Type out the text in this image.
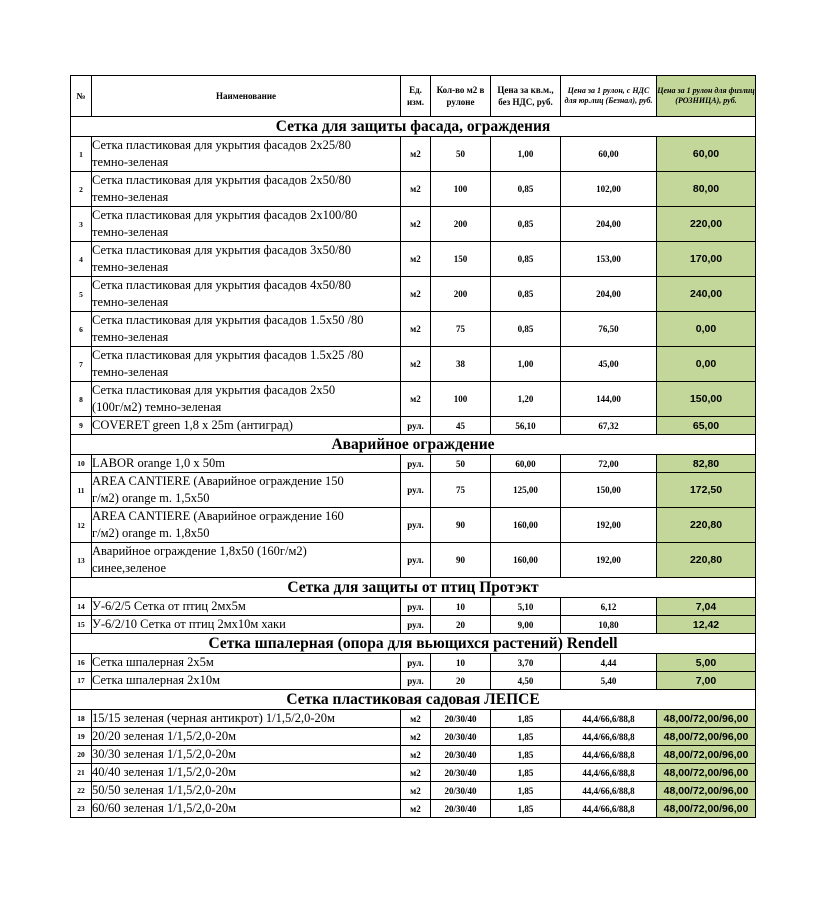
№	Наименование	Ед. изм.	Кол-во м2 в рулоне	Цена за кв.м., без НДС, руб.	Цена за 1 рулон, с НДС для юр.лиц (Безнал), руб.	Цена за 1 рулон для физлиц (РОЗНИЦА), руб.
Сетка для защиты фасада, ограждения						
1	Сетка пластиковая для укрытия фасадов 2х25/80
темно-зеленая	м2	50	1,00	60,00	60,00
2	Сетка пластиковая для укрытия фасадов 2х50/80
темно-зеленая	м2	100	0,85	102,00	80,00
3	Сетка пластиковая для укрытия фасадов 2х100/80
темно-зеленая	м2	200	0,85	204,00	220,00
4	Сетка пластиковая для укрытия фасадов 3х50/80
темно-зеленая	м2	150	0,85	153,00	170,00
5	Сетка пластиковая для укрытия фасадов 4х50/80
темно-зеленая	м2	200	0,85	204,00	240,00
6	Сетка пластиковая для укрытия фасадов 1.5х50 /80
темно-зеленая	м2	75	0,85	76,50	0,00
7	Сетка пластиковая для укрытия фасадов 1.5х25 /80
темно-зеленая	м2	38	1,00	45,00	0,00
8	Сетка пластиковая для укрытия фасадов 2х50
(100г/м2) темно-зеленая	м2	100	1,20	144,00	150,00
9	COVERET green 1,8 x 25m (антиград)	рул.	45	56,10	67,32	65,00
Аварийное ограждение						
10	LABOR orange 1,0 x 50m	рул.	50	60,00	72,00	82,80
11	AREA CANTIERE (Аварийное ограждение 150
г/м2) orange m. 1,5x50	рул.	75	125,00	150,00	172,50
12	AREA CANTIERE (Аварийное ограждение 160
г/м2) orange m. 1,8x50	рул.	90	160,00	192,00	220,80
13	Аварийное ограждение 1,8х50 (160г/м2)
синее,зеленое	рул.	90	160,00	192,00	220,80
Сетка для защиты от птиц Протэкт						
14	У-6/2/5 Сетка от птиц 2мх5м	рул.	10	5,10	6,12	7,04
15	У-6/2/10 Сетка от птиц 2мх10м хаки	рул.	20	9,00	10,80	12,42
Сетка шпалерная (опора для вьющихся растений) Rendell						
16	Сетка шпалерная 2х5м	рул.	10	3,70	4,44	5,00
17	Сетка шпалерная 2х10м	рул.	20	4,50	5,40	7,00
Сетка пластиковая садовая ЛЕПСЕ						
18	15/15 зеленая (черная антикрот) 1/1,5/2,0-20м	м2	20/30/40	1,85	44,4/66,6/88,8	48,00/72,00/96,00
19	20/20 зеленая 1/1,5/2,0-20м	м2	20/30/40	1,85	44,4/66,6/88,8	48,00/72,00/96,00
20	30/30 зеленая 1/1,5/2,0-20м	м2	20/30/40	1,85	44,4/66,6/88,8	48,00/72,00/96,00
21	40/40 зеленая 1/1,5/2,0-20м	м2	20/30/40	1,85	44,4/66,6/88,8	48,00/72,00/96,00
22	50/50 зеленая 1/1,5/2,0-20м	м2	20/30/40	1,85	44,4/66,6/88,8	48,00/72,00/96,00
23	60/60 зеленая 1/1,5/2,0-20м	м2	20/30/40	1,85	44,4/66,6/88,8	48,00/72,00/96,00
